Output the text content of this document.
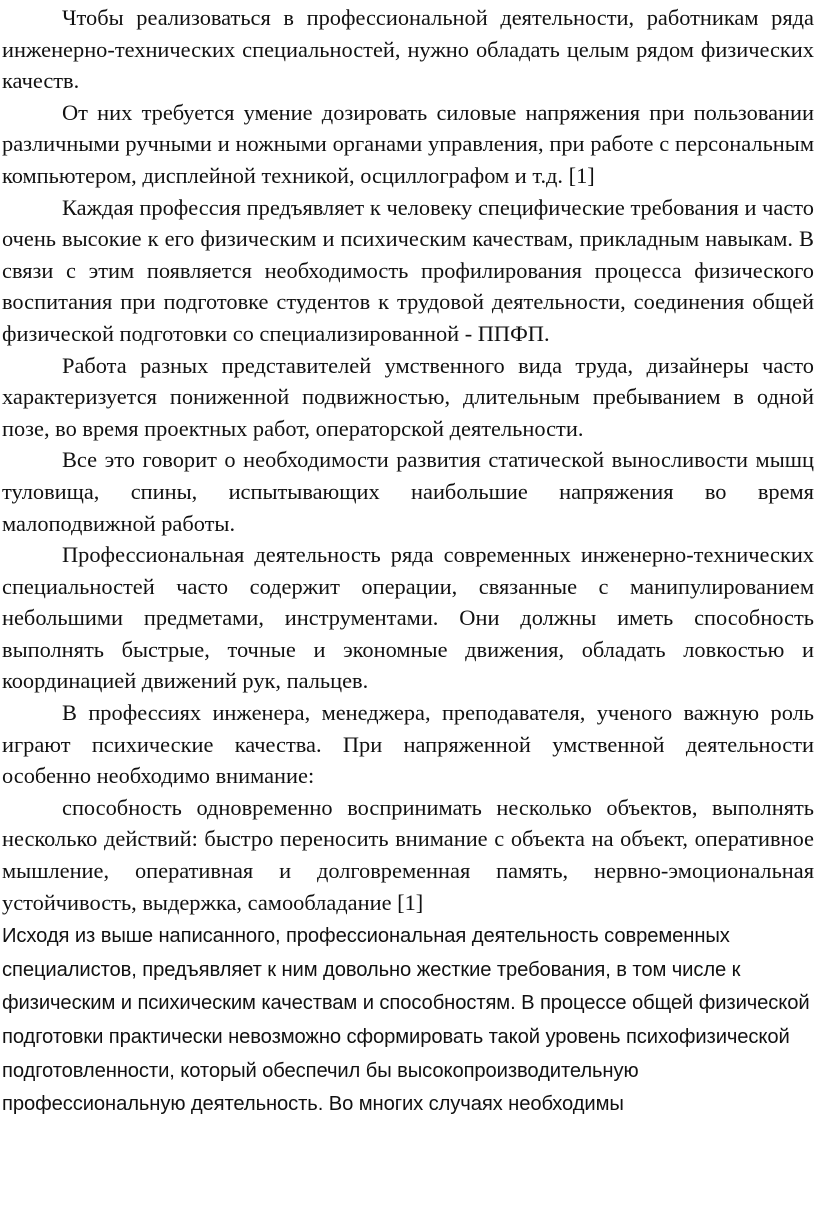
Чтобы реализоваться в профессиональной деятельности, работникам ряда инженерно-технических специальностей, нужно обладать целым рядом физических качеств.

От них требуется умение дозировать силовые напряжения при пользовании различными ручными и ножными органами управления, при работе с персональным компьютером, дисплейной техникой, осциллографом и т.д. [1]

Каждая профессия предъявляет к человеку специфические требования и часто очень высокие к его физическим и психическим качествам, прикладным навыкам. В связи с этим появляется необходимость профилирования процесса физического воспитания при подготовке студентов к трудовой деятельности, соединения общей физической подготовки со специализированной - ППФП.

Работа разных представителей умственного вида труда, дизайнеры часто характеризуется пониженной подвижностью, длительным пребыванием в одной позе, во время проектных работ, операторской деятельности.

Все это говорит о необходимости развития статической выносливости мышц туловища, спины, испытывающих наибольшие напряжения во время малоподвижной работы.

Профессиональная деятельность ряда современных инженерно-технических специальностей часто содержит операции, связанные с манипулированием небольшими предметами, инструментами. Они должны иметь способность выполнять быстрые, точные и экономные движения, обладать ловкостью и координацией движений рук, пальцев.

В профессиях инженера, менеджера, преподавателя, ученого важную роль играют психические качества. При напряженной умственной деятельности особенно необходимо внимание:

способность одновременно воспринимать несколько объектов, выполнять несколько действий: быстро переносить внимание с объекта на объект, оперативное мышление, оперативная и долговременная память, нервно-эмоциональная устойчивость, выдержка, самообладание [1]

Исходя из выше написанного, профессиональная деятельность современных специалистов, предъявляет к ним довольно жесткие требования, в том числе к физическим и психическим качествам и способностям. В процессе общей физической подготовки практически невозможно сформировать такой уровень психофизической подготовленности, который обеспечил бы высокопроизводительную профессиональную деятельность. Во многих случаях необходимы
